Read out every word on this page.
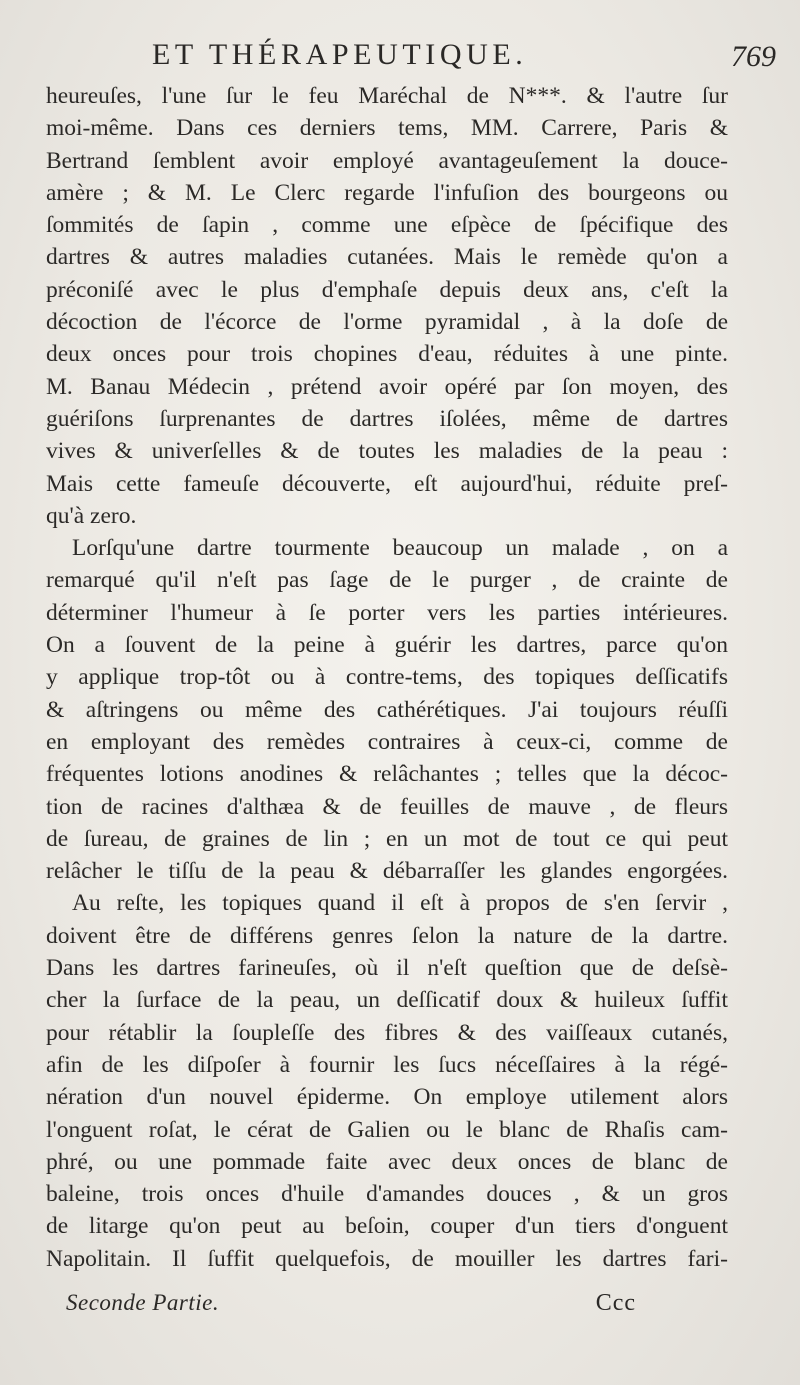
ET THÉRAPEUTIQUE.	769
heureuſes, l'une ſur le feu Maréchal de N***. & l'autre ſur
moi-même. Dans ces derniers tems, MM. Carrere, Paris &
Bertrand ſemblent avoir employé avantageuſement la douce-
amère ; & M. Le Clerc regarde l'infuſion des bourgeons ou
ſommités de ſapin , comme une eſpèce de ſpécifique des
dartres & autres maladies cutanées. Mais le remède qu'on a
préconiſé avec le plus d'emphaſe depuis deux ans, c'eſt la
décoction de l'écorce de l'orme pyramidal , à la doſe de
deux onces pour trois chopines d'eau, réduites à une pinte.
M. Banau Médecin , prétend avoir opéré par ſon moyen, des
guériſons ſurprenantes de dartres iſolées, même de dartres
vives & univerſelles & de toutes les maladies de la peau :
Mais cette fameuſe découverte, eſt aujourd'hui, réduite preſ-
qu'à zero.
Lorſqu'une dartre tourmente beaucoup un malade , on a
remarqué qu'il n'eſt pas ſage de le purger , de crainte de
déterminer l'humeur à ſe porter vers les parties intérieures.
On a ſouvent de la peine à guérir les dartres, parce qu'on
y applique trop-tôt ou à contre-tems, des topiques deſſicatifs
& aſtringens ou même des cathérétiques. J'ai toujours réuſſi
en employant des remèdes contraires à ceux-ci, comme de
fréquentes lotions anodines & relâchantes ; telles que la décoc-
tion de racines d'althæa & de feuilles de mauve , de fleurs
de ſureau, de graines de lin ; en un mot de tout ce qui peut
relâcher le tiſſu de la peau & débarraſſer les glandes engorgées.
Au reſte, les topiques quand il eſt à propos de s'en ſervir ,
doivent être de différens genres ſelon la nature de la dartre.
Dans les dartres farineuſes, où il n'eſt queſtion que de deſsè-
cher la ſurface de la peau, un deſſicatif doux & huileux ſuffit
pour rétablir la ſoupleſſe des fibres & des vaiſſeaux cutanés,
afin de les diſpoſer à fournir les ſucs néceſſaires à la régé-
nération d'un nouvel épiderme. On employe utilement alors
l'onguent roſat, le cérat de Galien ou le blanc de Rhaſis cam-
phré, ou une pommade faite avec deux onces de blanc de
baleine, trois onces d'huile d'amandes douces , & un gros
de litarge qu'on peut au beſoin, couper d'un tiers d'onguent
Napolitain. Il ſuffit quelquefois, de mouiller les dartres fari-
Seconde Partie.	Ccc
